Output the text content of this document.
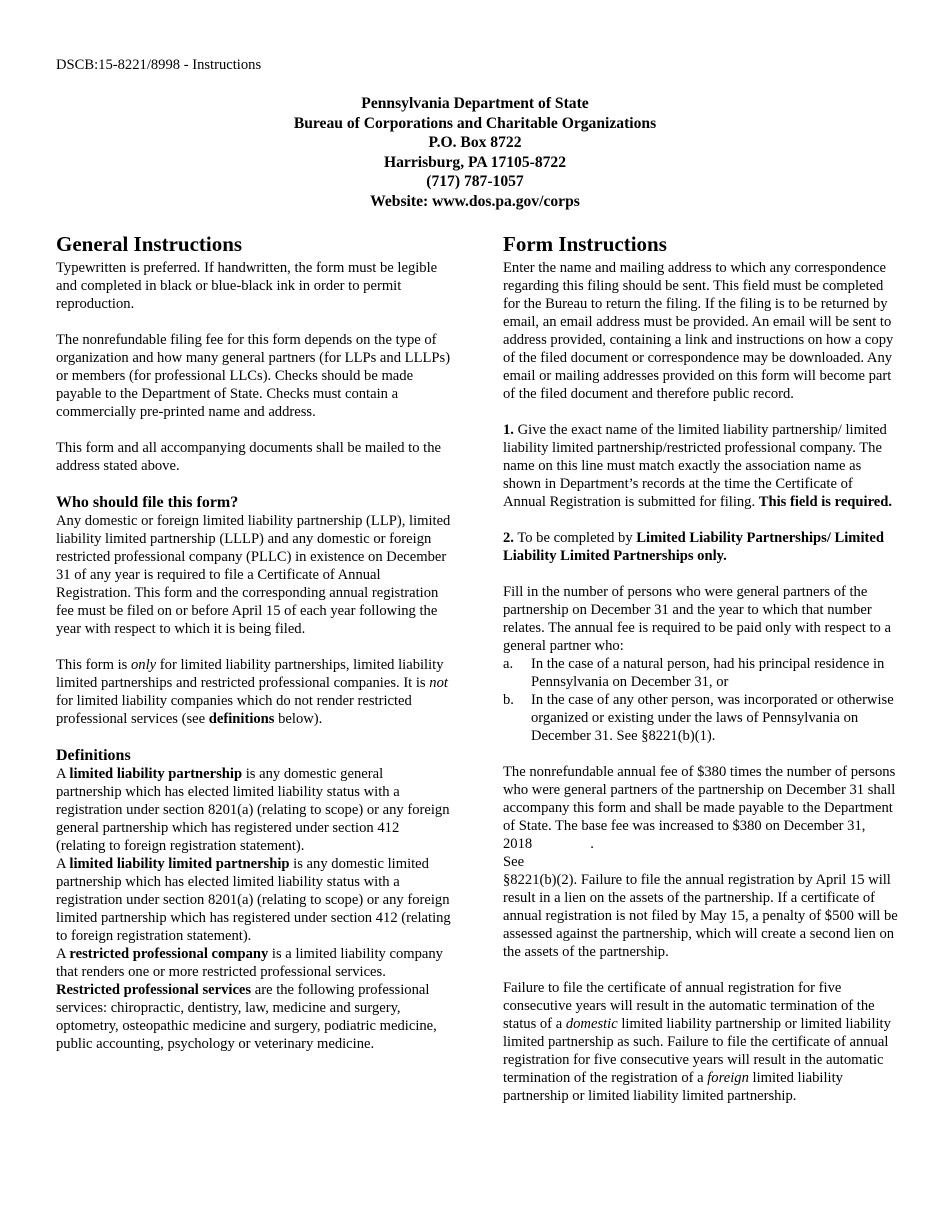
DSCB:15-8221/8998 - Instructions
Pennsylvania Department of State
Bureau of Corporations and Charitable Organizations
P.O. Box 8722
Harrisburg, PA 17105-8722
(717) 787-1057
Website: www.dos.pa.gov/corps
General Instructions

Typewritten is preferred. If handwritten, the form must be legible and completed in black or blue-black ink in order to permit reproduction.

The nonrefundable filing fee for this form depends on the type of organization and how many general partners (for LLPs and LLLPs) or members (for professional LLCs). Checks should be made payable to the Department of State. Checks must contain a commercially pre-printed name and address.

This form and all accompanying documents shall be mailed to the address stated above.

Who should file this form?

Any domestic or foreign limited liability partnership (LLP), limited liability limited partnership (LLLP) and any domestic or foreign restricted professional company (PLLC) in existence on December 31 of any year is required to file a Certificate of Annual Registration. This form and the corresponding annual registration fee must be filed on or before April 15 of each year following the year with respect to which it is being filed.

This form is only for limited liability partnerships, limited liability limited partnerships and restricted professional companies. It is not for limited liability companies which do not render restricted professional services (see definitions below).

Definitions

A limited liability partnership is any domestic general partnership which has elected limited liability status with a registration under section 8201(a) (relating to scope) or any foreign general partnership which has registered under section 412 (relating to foreign registration statement).

A limited liability limited partnership is any domestic limited partnership which has elected limited liability status with a registration under section 8201(a) (relating to scope) or any foreign limited partnership which has registered under section 412 (relating to foreign registration statement).

A restricted professional company is a limited liability company that renders one or more restricted professional services.

Restricted professional services are the following professional services: chiropractic, dentistry, law, medicine and surgery, optometry, osteopathic medicine and surgery, podiatric medicine, public accounting, psychology or veterinary medicine.

Form Instructions

Enter the name and mailing address to which any correspondence regarding this filing should be sent. This field must be completed for the Bureau to return the filing. If the filing is to be returned by email, an email address must be provided. An email will be sent to address provided, containing a link and instructions on how a copy of the filed document or correspondence may be downloaded. Any email or mailing addresses provided on this form will become part of the filed document and therefore public record.

1. Give the exact name of the limited liability partnership/ limited liability limited partnership/restricted professional company. The name on this line must match exactly the association name as shown in Department’s records at the time the Certificate of Annual Registration is submitted for filing. This field is required.

2. To be completed by Limited Liability Partnerships/ Limited Liability Limited Partnerships only.

Fill in the number of persons who were general partners of the partnership on December 31 and the year to which that number relates. The annual fee is required to be paid only with respect to a general partner who:

a. In the case of a natural person, had his principal residence in Pennsylvania on December 31, or
b. In the case of any other person, was incorporated or otherwise organized or existing under the laws of Pennsylvania on December 31. See §8221(b)(1).

The nonrefundable annual fee of $380 times the number of persons who were general partners of the partnership on December 31 shall accompany this form and shall be made payable to the Department of State. The base fee was increased to $380 on December 31, 2018	.
See
§8221(b)(2). Failure to file the annual registration by April 15 will result in a lien on the assets of the partnership. If a certificate of annual registration is not filed by May 15, a penalty of $500 will be assessed against the partnership, which will create a second lien on the assets of the partnership.

Failure to file the certificate of annual registration for five consecutive years will result in the automatic termination of the status of a domestic limited liability partnership or limited liability limited partnership as such. Failure to file the certificate of annual registration for five consecutive years will result in the automatic termination of the registration of a foreign limited liability partnership or limited liability limited partnership.
